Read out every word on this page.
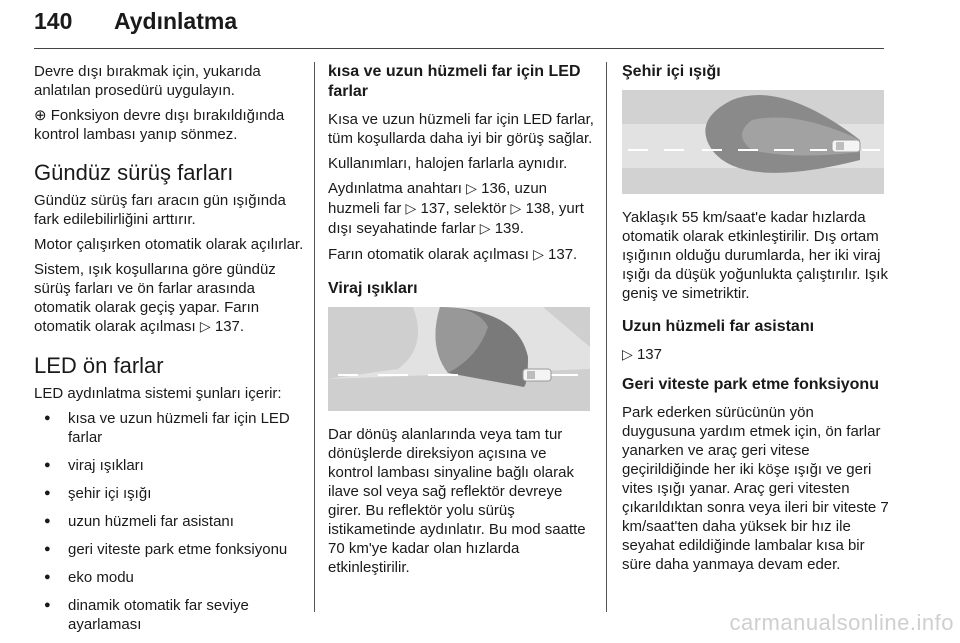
140 Aydınlatma

Devre dışı bırakmak için, yukarıda anlatılan prosedürü uygulayın.

⊕ Fonksiyon devre dışı bırakıldığında kontrol lambası yanıp sönmez.

Gündüz sürüş farları

Gündüz sürüş farı aracın gün ışığında fark edilebilirliğini arttırır.

Motor çalışırken otomatik olarak açılırlar.

Sistem, ışık koşullarına göre gündüz sürüş farları ve ön farlar arasında otomatik olarak geçiş yapar. Farın otomatik olarak açılması ▷ 137.

LED ön farlar

LED aydınlatma sistemi şunları içerir:

● kısa ve uzun hüzmeli far için LED farlar
● viraj ışıkları
● şehir içi ışığı
● uzun hüzmeli far asistanı
● geri viteste park etme fonksiyonu
● eko modu
● dinamik otomatik far seviye ayarlaması
kısa ve uzun hüzmeli far için LED farlar

Kısa ve uzun hüzmeli far için LED farlar, tüm koşullarda daha iyi bir görüş sağlar.

Kullanımları, halojen farlarla aynıdır.

Aydınlatma anahtarı ▷ 136, uzun huzmeli far ▷ 137, selektör ▷ 138, yurt dışı seyahatinde farlar ▷ 139.

Farın otomatik olarak açılması ▷ 137.

Viraj ışıkları

Dar dönüş alanlarında veya tam tur dönüşlerde direksiyon açısına ve kontrol lambası sinyaline bağlı olarak ilave sol veya sağ reflektör devreye girer. Bu reflektör yolu sürüş istikametinde aydınlatır. Bu mod saatte 70 km'ye kadar olan hızlarda etkinleştirilir.

Şehir içi ışığı

Yaklaşık 55 km/saat'e kadar hızlarda otomatik olarak etkinleştirilir. Dış ortam ışığının olduğu durumlarda, her iki viraj ışığı da düşük yoğunlukta çalıştırılır. Işık geniş ve simetriktir.

Uzun hüzmeli far asistanı

▷ 137

Geri viteste park etme fonksiyonu

Park ederken sürücünün yön duygusuna yardım etmek için, ön farlar yanarken ve araç geri vitese geçirildiğinde her iki köşe ışığı ve geri vites ışığı yanar. Araç geri vitesten çıkarıldıktan sonra veya ileri bir viteste 7 km/saat'ten daha yüksek bir hız ile seyahat edildiğinde lambalar kısa bir süre daha yanmaya devam eder.

carmanualsonline.info
